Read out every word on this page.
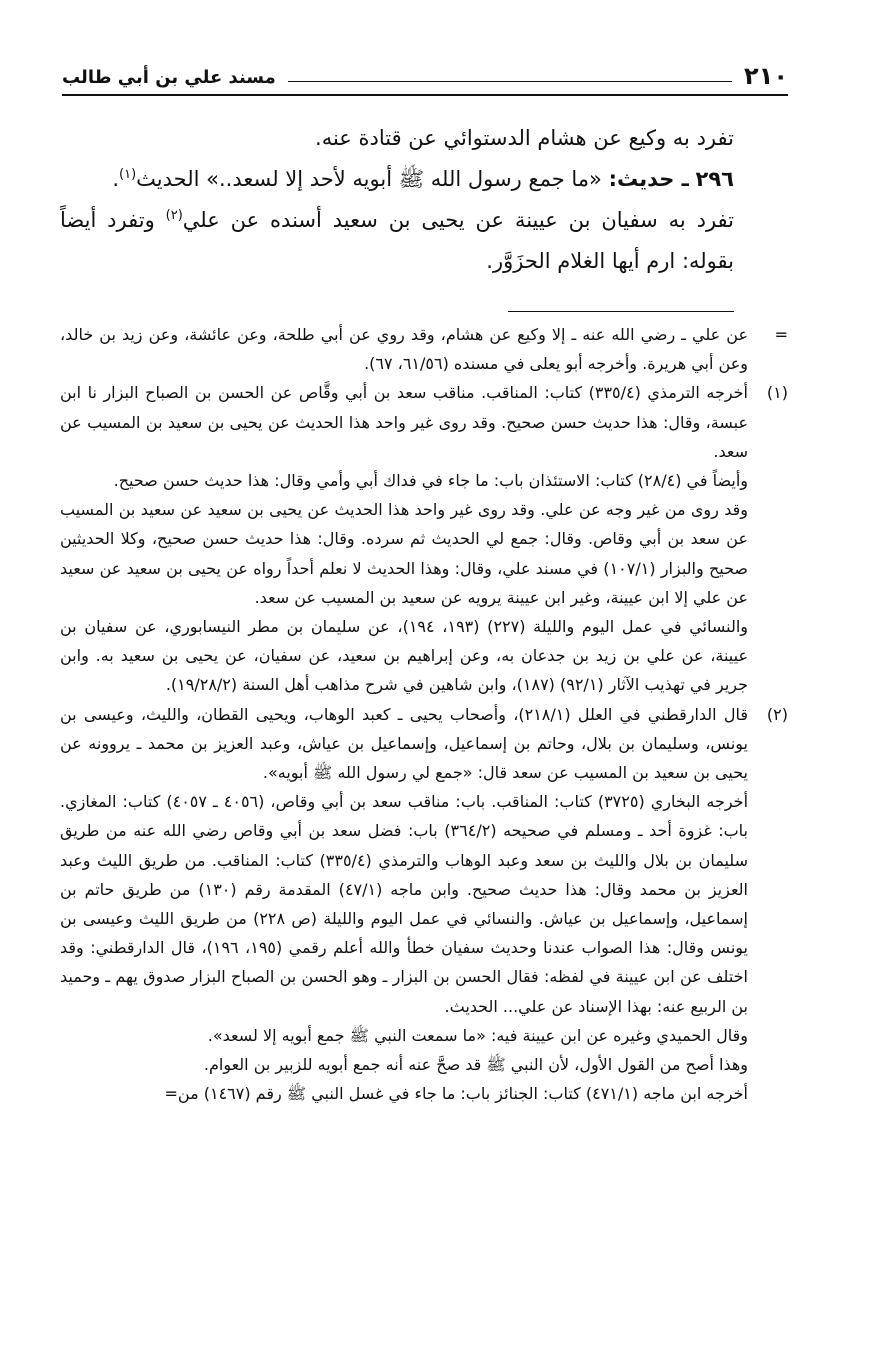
٢١٠
مسند علي بن أبي طالب

تفرد به وكيع عن هشام الدستوائي عن قتادة عنه.

٢٩٦ ـ حديث: «ما جمع رسول الله ﷺ أبويه لأحد إلا لسعد..» الحديث$^{(١)}$.

تفرد به سفيان بن عيينة عن يحيى بن سعيد أسنده عن علي$^{(٢)}$ وتفرد أيضاً بقوله: ارم أيها الغلام الحزَوَّر.

=

عن علي ـ رضي الله عنه ـ إلا وكيع عن هشام، وقد روي عن أبي طلحة، وعن عائشة، وعن زيد بن خالد، وعن أبي هريرة. وأخرجه أبو يعلى في مسنده (٦١/٥٦، ٦٧).

(١)

أخرجه الترمذي (٣٣٥/٤) كتاب: المناقب. مناقب سعد بن أبي وقَّاص عن الحسن بن الصباح البزار نا ابن عبسة، وقال: هذا حديث حسن صحيح. وقد روى غير واحد هذا الحديث عن يحيى بن سعيد بن المسيب عن سعد.

وأيضاً في (٢٨/٤) كتاب: الاستئذان باب: ما جاء في فداك أبي وأمي وقال: هذا حديث حسن صحيح.

وقد روى من غير وجه عن علي. وقد روى غير واحد هذا الحديث عن يحيى بن سعيد عن سعيد بن المسيب عن سعد بن أبي وقاص. وقال: جمع لي الحديث ثم سرده. وقال: هذا حديث حسن صحيح، وكلا الحديثين صحيح والبزار (١٠٧/١) في مسند علي، وقال: وهذا الحديث لا نعلم أحداً رواه عن يحيى بن سعيد عن سعيد عن علي إلا ابن عيينة، وغير ابن عيينة يرويه عن سعيد بن المسيب عن سعد.

والنسائي في عمل اليوم والليلة (٢٢٧) (١٩٣، ١٩٤)، عن سليمان بن مطر النيسابوري، عن سفيان بن عيينة، عن علي بن زيد بن جدعان به، وعن إبراهيم بن سعيد، عن سفيان، عن يحيى بن سعيد به. وابن جرير في تهذيب الآثار (٩٢/١) (١٨٧)، وابن شاهين في شرح مذاهب أهل السنة (١٩/٢٨/٢).

(٢)

قال الدارقطني في العلل (٢١٨/١)، وأصحاب يحيى ـ كعبد الوهاب، ويحيى القطان، والليث، وعيسى بن يونس، وسليمان بن بلال، وحاتم بن إسماعيل، وإسماعيل بن عياش، وعبد العزيز بن محمد ـ يروونه عن يحيى بن سعيد بن المسيب عن سعد قال: «جمع لي رسول الله ﷺ أبويه».

أخرجه البخاري (٣٧٢٥) كتاب: المناقب. باب: مناقب سعد بن أبي وقاص، (٤٠٥٦ ـ ٤٠٥٧) كتاب: المغازي. باب: غزوة أحد ـ ومسلم في صحيحه (٣٦٤/٢) باب: فضل سعد بن أبي وقاص رضي الله عنه من طريق سليمان بن بلال والليث بن سعد وعبد الوهاب والترمذي (٣٣٥/٤) كتاب: المناقب. من طريق الليث وعبد العزيز بن محمد وقال: هذا حديث صحيح. وابن ماجه (٤٧/١) المقدمة رقم (١٣٠) من طريق حاتم بن إسماعيل، وإسماعيل بن عياش. والنسائي في عمل اليوم والليلة (ص ٢٢٨) من طريق الليث وعيسى بن يونس وقال: هذا الصواب عندنا وحديث سفيان خطأ والله أعلم رقمي (١٩٥، ١٩٦)، قال الدارقطني: وقد اختلف عن ابن عيينة في لفظه: فقال الحسن بن البزار ـ وهو الحسن بن الصباح البزار صدوق يهم ـ وحميد بن الربيع عنه: بهذا الإسناد عن علي... الحديث.

وقال الحميدي وغيره عن ابن عيينة فيه: «ما سمعت النبي ﷺ جمع أبويه إلا لسعد».

وهذا أصح من القول الأول، لأن النبي ﷺ قد صحَّ عنه أنه جمع أبويه للزبير بن العوام.

أخرجه ابن ماجه (٤٧١/١) كتاب: الجنائز باب: ما جاء في غسل النبي ﷺ رقم (١٤٦٧) من=
